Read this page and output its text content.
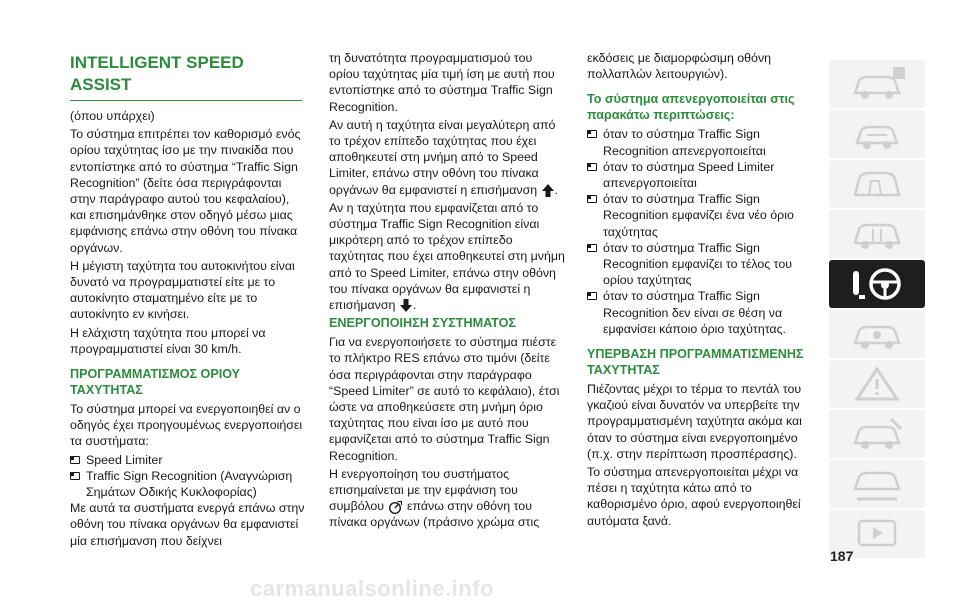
INTELLIGENT SPEED
ASSIST

(όπου υπάρχει)

Το σύστημα επιτρέπει τον καθορισμό ενός ορίου ταχύτητας ίσο με την πινακίδα που εντοπίστηκε από το σύστημα “Traffic Sign Recognition” (δείτε όσα περιγράφονται στην παράγραφο αυτού του κεφαλαίου), και επισημάνθηκε στον οδηγό μέσω μιας εμφάνισης επάνω στην οθόνη του πίνακα οργάνων.

Η μέγιστη ταχύτητα του αυτοκινήτου είναι δυνατό να προγραμματιστεί είτε με το αυτοκίνητο σταματημένο είτε με το αυτοκίνητο εν κινήσει.

Η ελάχιστη ταχύτητα που μπορεί να προγραμματιστεί είναι 30 km/h.

ΠΡΟΓΡΑΜΜΑΤΙΣΜΟΣ ΟΡΙΟΥ ΤΑΧΥΤΗΤΑΣ

Το σύστημα μπορεί να ενεργοποιηθεί αν ο οδηγός έχει προηγουμένως ενεργοποιήσει τα συστήματα:

Speed Limiter
Traffic Sign Recognition (Αναγνώριση Σημάτων Οδικής Κυκλοφορίας)

Με αυτά τα συστήματα ενεργά επάνω στην οθόνη του πίνακα οργάνων θα εμφανιστεί μία επισήμανση που δείχνει

τη δυνατότητα προγραμματισμού του ορίου ταχύτητας μία τιμή ίση με αυτή που εντοπίστηκε από το σύστημα Traffic Sign Recognition.

Αν αυτή η ταχύτητα είναι μεγαλύτερη από το τρέχον επίπεδο ταχύτητας που έχει αποθηκευτεί στη μνήμη από το Speed Limiter, επάνω στην οθόνη του πίνακα οργάνων θα εμφανιστεί η επισήμανση .

Αν η ταχύτητα που εμφανίζεται από το σύστημα Traffic Sign Recognition είναι μικρότερη από το τρέχον επίπεδο ταχύτητας που έχει αποθηκευτεί στη μνήμη από το Speed Limiter, επάνω στην οθόνη του πίνακα οργάνων θα εμφανιστεί η επισήμανση .

ΕΝΕΡΓΟΠΟΙΗΣΗ ΣΥΣΤΗΜΑΤΟΣ

Για να ενεργοποιήσετε το σύστημα πιέστε το πλήκτρο RES επάνω στο τιμόνι (δείτε όσα περιγράφονται στην παράγραφο “Speed Limiter” σε αυτό το κεφάλαιο), έτσι ώστε να αποθηκεύσετε στη μνήμη όριο ταχύτητας που είναι ίσο με αυτό που εμφανίζεται από το σύστημα Traffic Sign Recognition.

Η ενεργοποίηση του συστήματος επισημαίνεται με την εμφάνιση του συμβόλου επάνω στην οθόνη του πίνακα οργάνων (πράσινο χρώμα στις

εκδόσεις με διαμορφώσιμη οθόνη πολλαπλών λειτουργιών).

Το σύστημα απενεργοποιείται στις παρακάτω περιπτώσεις:
όταν το σύστημα Traffic Sign Recognition απενεργοποιείται
όταν το σύστημα Speed Limiter απενεργοποιείται
όταν το σύστημα Traffic Sign Recognition εμφανίζει ένα νέο όριο ταχύτητας
όταν το σύστημα Traffic Sign Recognition εμφανίζει το τέλος του ορίου ταχύτητας
όταν το σύστημα Traffic Sign Recognition δεν είναι σε θέση να εμφανίσει κάποιο όριο ταχύτητας.
ΥΠΕΡΒΑΣΗ ΠΡΟΓΡΑΜΜΑΤΙΣΜΕΝΗΣ ΤΑΧΥΤΗΤΑΣ

Πιέζοντας μέχρι το τέρμα το πεντάλ του γκαζιού είναι δυνατόν να υπερβείτε την προγραμματισμένη ταχύτητα ακόμα και όταν το σύστημα είναι ενεργοποιημένο (π.χ. στην περίπτωση προσπέρασης).

Το σύστημα απενεργοποιείται μέχρι να πέσει η ταχύτητα κάτω από το καθορισμένο όριο, αφού ενεργοποιηθεί αυτόματα ξανά.

187
carmanualsonline.info
